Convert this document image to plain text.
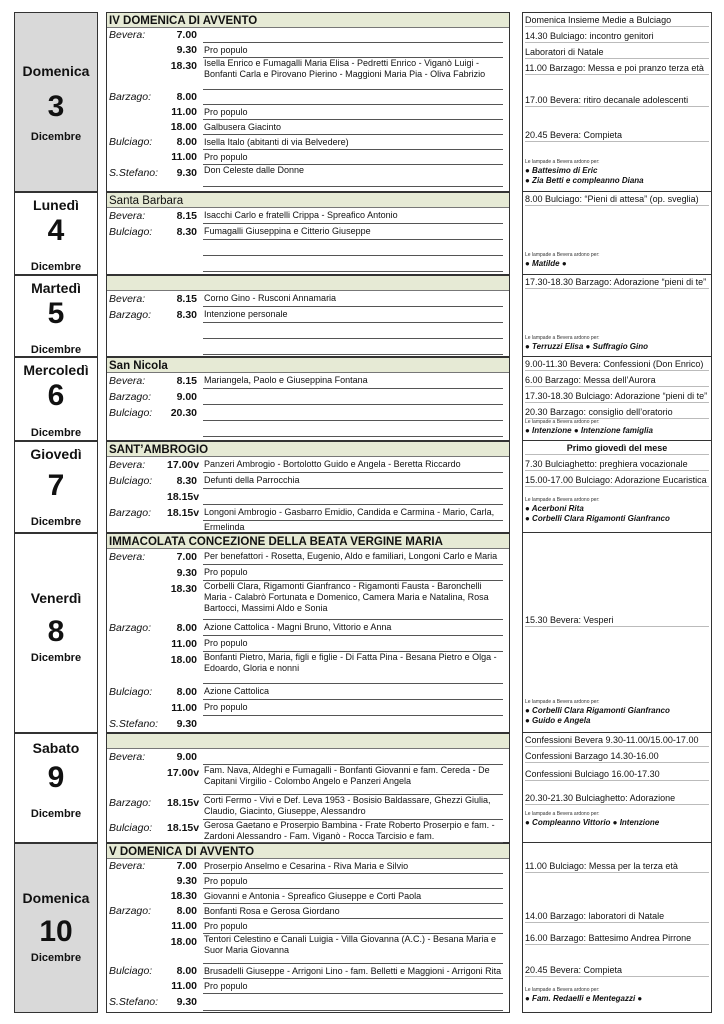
Domenica
3
Dicembre
IV DOMENICA DI AVVENTO
Bevera:	7.00
9.30 Pro populo
18.30 Isella Enrico e Fumagalli Maria Elisa - Pedretti Enrico - Viganò Luigi - Bonfanti Carla e Pirovano Pierino - Maggioni Maria Pia - Oliva Fabrizio
Barzago:	8.00
11.00 Pro populo
18.00 Galbusera Giacinto
Bulciago:	8.00 Isella Italo (abitanti di via Belvedere)
11.00 Pro populo
S.Stefano:	9.30 Don Celeste dalle Donne
Domenica Insieme Medie a Bulciago
14.30 Bulciago: incontro genitori
Laboratori di Natale
11.00 Barzago: Messa e poi pranzo terza età
17.00 Bevera: ritiro decanale adolescenti
20.45 Bevera: Compieta
Le lampade a Bevera ardono per:
● Battesimo di Eric
● Zia Betti e compleanno Diana
Lunedì
4
Dicembre
Santa Barbara
Bevera:	8.15 Isacchi Carlo e fratelli Crippa - Spreafico Antonio
Bulciago:	8.30 Fumagalli Giuseppina e Citterio Giuseppe
8.00 Bulciago: “Pieni di attesa” (op. sveglia)
Le lampade a Bevera ardono per:
● Matilde ●
Martedì
5
Dicembre
Bevera:	8.15 Corno Gino - Rusconi Annamaria
Barzago:	8.30 Intenzione personale
17.30-18.30 Barzago: Adorazione “pieni di te”
Le lampade a Bevera ardono per:
● Terruzzi Elisa ● Suffragio Gino
Mercoledì
6
Dicembre
San Nicola
Bevera:	8.15 Mariangela, Paolo e Giuseppina Fontana
Barzago:	9.00
Bulciago:	20.30
9.00-11.30 Bevera: Confessioni (Don Enrico)
6.00 Barzago: Messa dell’Aurora
17.30-18.30 Bulciago: Adorazione “pieni di te”
20.30 Barzago: consiglio dell’oratorio
Le lampade a Bevera ardono per:
● Intenzione ● Intenzione famiglia
Giovedì
7
Dicembre
SANT’AMBROGIO
Bevera:	17.00v Panzeri Ambrogio - Bortolotto Guido e Angela - Beretta Riccardo
Bulciago:	8.30 Defunti della Parrocchia
18.15v
Barzago:	18.15v Longoni Ambrogio - Gasbarro Emidio, Candida e Carmina - Mario, Carla, Ermelinda
Primo giovedì del mese
7.30 Bulciaghetto: preghiera vocazionale
15.00-17.00 Bulciago: Adorazione Eucaristica
Le lampade a Bevera ardono per:
● Acerboni Rita
● Corbelli Clara Rigamonti Gianfranco
Venerdì
8
Dicembre
IMMACOLATA CONCEZIONE DELLA BEATA VERGINE MARIA
Bevera:	7.00 Per benefattori - Rosetta, Eugenio, Aldo e familiari, Longoni Carlo e Maria
9.30 Pro populo
18.30 Corbelli Clara, Rigamonti Gianfranco - Rigamonti Fausta - Baronchelli Maria - Calabrò Fortunata e Domenico, Camera Maria e Natalina, Rosa Bartocci, Massimi Aldo e Sonia
Barzago:	8.00 Azione Cattolica - Magni Bruno, Vittorio e Anna
11.00 Pro populo
18.00 Bonfanti Pietro, Maria, figli e figlie - Di Fatta Pina - Besana Pietro e Olga - Edoardo, Gloria e nonni
Bulciago:	8.00 Azione Cattolica
11.00 Pro populo
S.Stefano:	9.30
15.30 Bevera: Vesperi
Le lampade a Bevera ardono per:
● Corbelli Clara Rigamonti Gianfranco
● Guido e Angela
Sabato
9
Dicembre
Bevera:	9.00
17.00v Fam. Nava, Aldeghi e Fumagalli - Bonfanti Giovanni e fam. Cereda - De Capitani Virgilio - Colombo Angelo e Panzeri Angela
Barzago:	18.15v Corti Fermo - Vivi e Def. Leva 1953 - Bosisio Baldassare, Ghezzi Giulia, Claudio, Giacinto, Giuseppe, Alessandro
Bulciago:	18.15v Gerosa Gaetano e Proserpio Bambina - Frate Roberto Proserpio e fam. - Zardoni Alessandro - Fam. Viganò - Rocca Tarcisio e fam.
Confessioni Bevera 9.30-11.00/15.00-17.00
Confessioni Barzago 14.30-16.00
Confessioni Bulciago 16.00-17.30
20.30-21.30 Bulciaghetto: Adorazione
Le lampade a Bevera ardono per:
● Compleanno Vittorio ● Intenzione
Domenica
10
Dicembre
V DOMENICA DI AVVENTO
Bevera:	7.00 Proserpio Anselmo e Cesarina - Riva Maria e Silvio
9.30 Pro populo
18.30 Giovanni e Antonia - Spreafico Giuseppe e Corti Paola
Barzago:	8.00 Bonfanti Rosa e Gerosa Giordano
11.00 Pro populo
18.00 Tentori Celestino e Canali Luigia - Villa Giovanna (A.C.) - Besana Maria e Suor Maria Giovanna
Bulciago:	8.00 Brusadelli Giuseppe - Arrigoni Lino - fam. Belletti e Maggioni - Arrigoni Rita
11.00 Pro populo
S.Stefano:	9.30
11.00 Bulciago: Messa per la terza età
14.00 Barzago: laboratori di Natale
16.00 Barzago: Battesimo Andrea Pirrone
20.45 Bevera: Compieta
Le lampade a Bevera ardono per:
● Fam. Redaelli e Mentegazzi ●
